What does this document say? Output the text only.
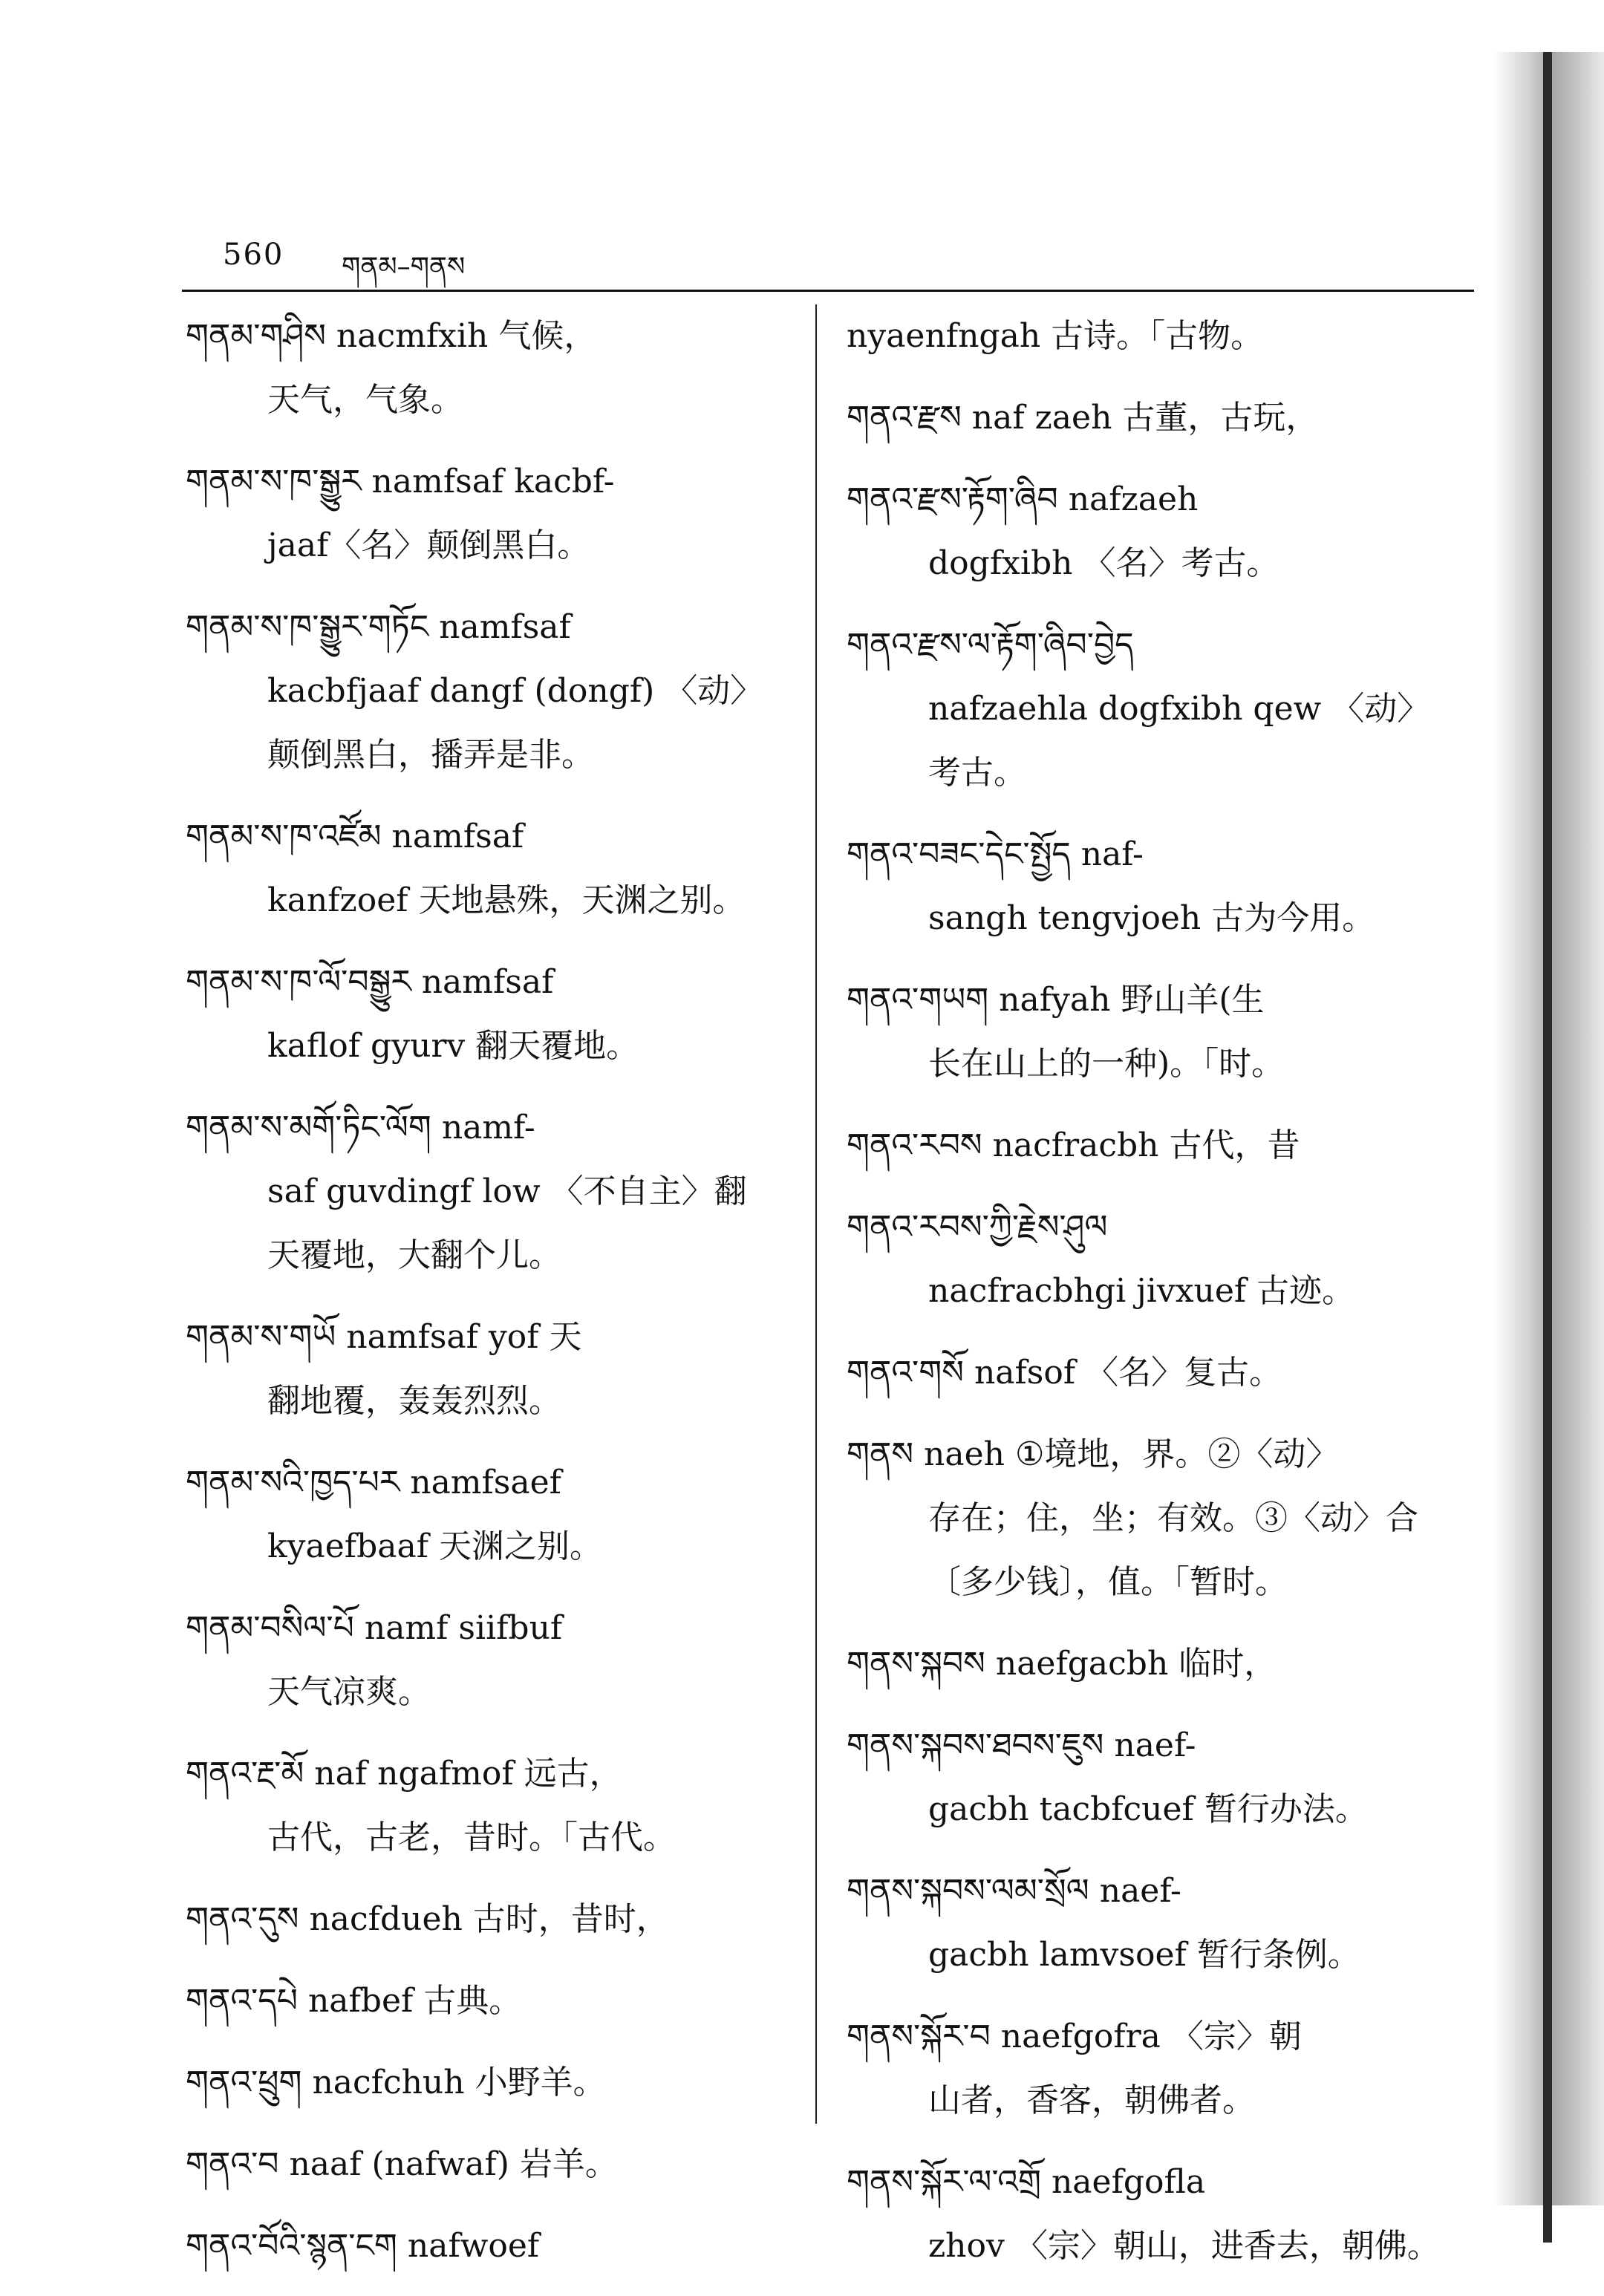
560 གནམ–གནས
གནམ་གཤིས nacmfxih 气候，
天气，气象。
གནམ་ས་ཁ་སྒྱུར namfsaf kacbf-
jaaf〈名〉颠倒黑白。
གནམ་ས་ཁ་སྒྱུར་གཏོང namfsaf
kacbfjaaf dangf (dongf) 〈动〉
颠倒黑白，播弄是非。
གནམ་ས་ཁ་འཛོམ namfsaf
kanfzoef 天地悬殊，天渊之别。
གནམ་ས་ཁ་ལོ་བསྒྱུར namfsaf
kaflof gyurv 翻天覆地。
གནམ་ས་མགོ་ཏིང་ལོག namf-
saf guvdingf low 〈不自主〉翻
天覆地，大翻个儿。
གནམ་ས་གཡོ namfsaf yof 天
翻地覆，轰轰烈烈。
གནམ་སའི་ཁྱད་པར namfsaef
kyaefbaaf 天渊之别。
གནམ་བསིལ་པོ namf siifbuf
天气凉爽。
གནའ་རྔ་མོ naf ngafmof 远古，
古代，古老，昔时。「古代。
གནའ་དུས nacfdueh 古时，昔时，
གནའ་དཔེ nafbef 古典。
གནའ་ཕྲུག nacfchuh 小野羊。
གནའ་བ naaf (nafwaf) 岩羊。
གནའ་བོའི་སྙན་ངག nafwoef
nyaenfngah 古诗。「古物。
གནའ་རྫས naf zaeh 古董，古玩，
གནའ་རྫས་རྟོག་ཞིབ nafzaeh
dogfxibh 〈名〉考古。
གནའ་རྫས་ལ་རྟོག་ཞིབ་བྱེད
nafzaehla dogfxibh qew 〈动〉
考古。
གནའ་བཟང་དེང་སྤྱོད naf-
sangh tengvjoeh 古为今用。
གནའ་གཡག nafyah 野山羊(生
长在山上的一种)。「时。
གནའ་རབས nacfracbh 古代，昔
གནའ་རབས་ཀྱི་རྗེས་ཤུལ
nacfracbhgi jivxuef 古迹。
གནའ་གསོ nafsof 〈名〉复古。
གནས naeh ①境地，界。②〈动〉
存在；住，坐；有效。③〈动〉合
〔多少钱〕，值。「暂时。
གནས་སྐབས naefgacbh 临时，
གནས་སྐབས་ཐབས་ཇུས naef-
gacbh tacbfcuef 暂行办法。
གནས་སྐབས་ལམ་སྲོལ naef-
gacbh lamvsoef 暂行条例。
གནས་སྐོར་བ naefgofra 〈宗〉朝
山者，香客，朝佛者。
གནས་སྐོར་ལ་འགྲོ naefgofla
zhov 〈宗〉朝山，进香去，朝佛。
